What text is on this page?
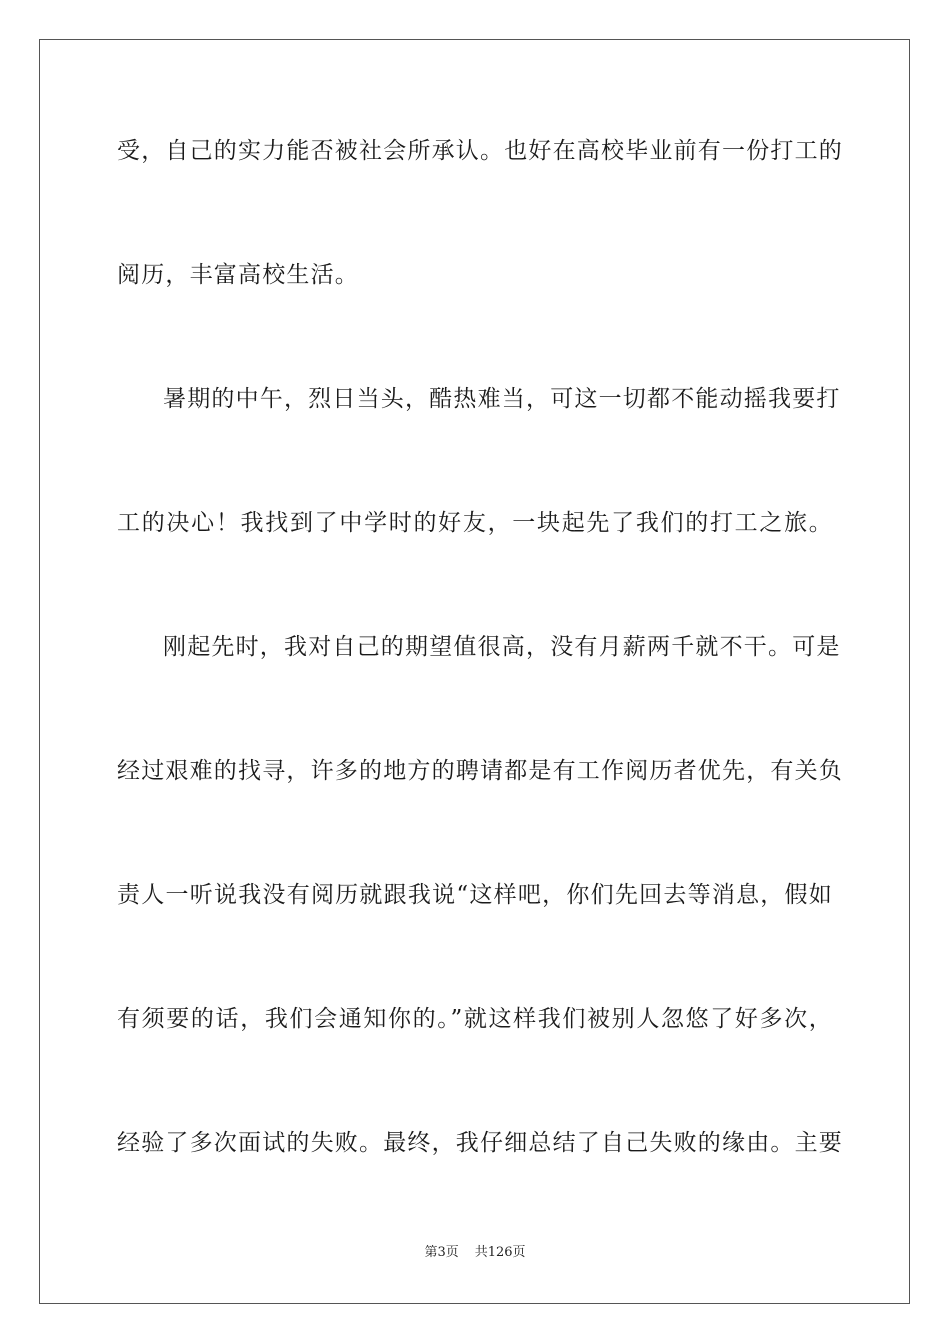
受，自己的实力能否被社会所承认。也好在高校毕业前有一份打工的
阅历，丰富高校生活。
暑期的中午，烈日当头，酷热难当，可这一切都不能动摇我要打
工的决心！我找到了中学时的好友，一块起先了我们的打工之旅。
刚起先时，我对自己的期望值很高，没有月薪两千就不干。可是
经过艰难的找寻，许多的地方的聘请都是有工作阅历者优先，有关负
责人一听说我没有阅历就跟我说“这样吧，你们先回去等消息，假如
有须要的话，我们会通知你的。”就这样我们被别人忽悠了好多次，
经验了多次面试的失败。最终，我仔细总结了自己失败的缘由。主要
第3页 共126页
